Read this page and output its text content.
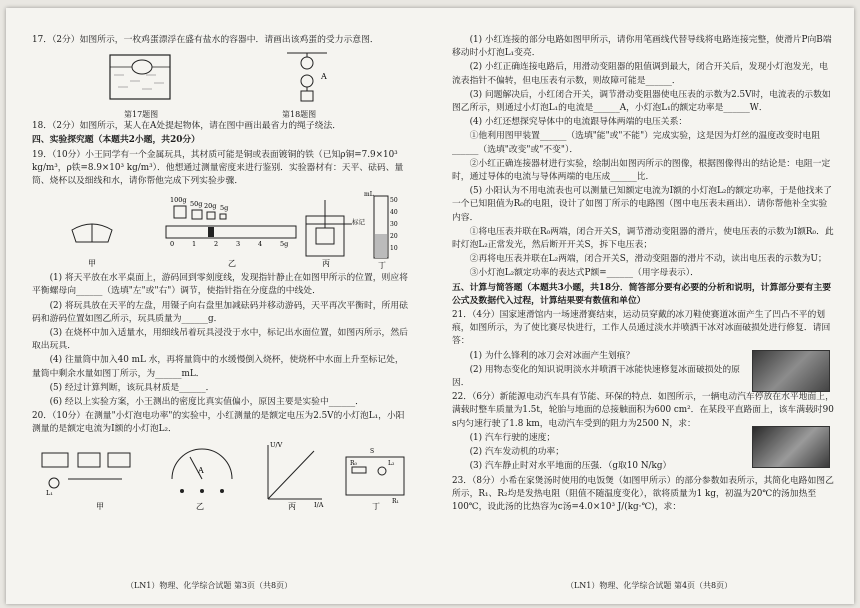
17．（2分）如图所示，一枚鸡蛋漂浮在盛有盐水的容器中．请画出该鸡蛋的受力示意图．

A
第17题图	第18题图

18．（2分）如图所示，某人在A处提起物体，请在图中画出最省力的绳子绕法．

四、实验探究题（本题共2小题，共20分）

19．（10分）小王同学有一个金属玩具，其材质可能是铜或表面镀铜的铁（已知ρ铜=7.9×10³ kg/m³，ρ铁=8.9×10³ kg/m³）．他想通过测量密度来进行鉴别．实验器材有：天平、砝码、量筒、烧杯以及细线和水，请你帮他完成下列实验步骤．

甲
100g 50g 20g 5g
0	1	2	3	4	5g
乙
标记
丙
mL
50
40
30
20
10
丁

(1) 将天平放在水平桌面上，游码回到零刻度线，发现指针静止在如图甲所示的位置，则应将平衡螺母向______（选填"左"或"右"）调节，使指针指在分度盘的中线处．

(2) 将玩具放在天平的左盘，用镊子向右盘里加减砝码并移动游码，天平再次平衡时，所用砝码和游码位置如图乙所示，玩具质量为______g．

(3) 在烧杯中加入适量水，用细线吊着玩具浸没于水中，标记出水面位置，如图丙所示，然后取出玩具．

(4) 往量筒中加入40 mL 水，再将量筒中的水缓慢倒入烧杯，使烧杯中水面上升至标记处，量筒中剩余水量如图丁所示，为______mL．

(5) 经过计算判断，该玩具材质是______．

(6) 经以上实验方案，小王测出的密度比真实值偏小，原因主要是实验中______．

20．（10分）在测量"小灯泡电功率"的实验中，小红测量的是额定电压为2.5V的小灯泡L₁，小阳测量的是额定电流为I额的小灯泡L₂．

L₁
甲
A
乙
U/V
I/A
丙
R₀	L₂
S
R₁
丁
（LN1）物理、化学综合试题 第3页（共8页）

(1) 小红连接的部分电路如图甲所示，请你用笔画线代替导线将电路连接完整，使滑片P向B端移动时小灯泡L₁变亮．

(2) 小红正确连接电路后，用滑动变阻器的阻值调到最大，闭合开关后，发现小灯泡发光，电流表指针不偏转，但电压表有示数，则故障可能是______．

(3) 问题解决后，小红闭合开关，调节滑动变阻器使电压表的示数为2.5V时，电流表的示数如图乙所示，则通过小灯泡L₁的电流是______A，小灯泡L₁的额定功率是______W．

(4) 小红还想探究导体中的电流跟导体两端的电压关系：

①他利用图甲装置______（选填"能"或"不能"）完成实验，这是因为灯丝的温度改变时电阻______（选填"改变"或"不变"）．

②小红正确连接器材进行实验，绘制出如图丙所示的图像，根据图像得出的结论是：电阻一定时，通过导体的电流与导体两端的电压成______比．

(5) 小阳认为不用电流表也可以测量已知额定电流为I额的小灯泡L₂的额定功率，于是他找来了一个已知阻值为R₀的电阻，设计了如图丁所示的电路图（图中电压表未画出）．请你帮他补全实验内容．

①将电压表并联在R₀两端，闭合开关S，调节滑动变阻器的滑片，使电压表的示数为I额R₀．此时灯泡L₂正常发光，然后断开开关S，拆下电压表；

②再将电压表并联在L₂两端，闭合开关S，滑动变阻器的滑片不动，读出电压表的示数为U；

③小灯泡L₂额定功率的表达式P额=______（用字母表示）．

五、计算与简答题（本题共3小题，共18分．简答部分要有必要的分析和说明，计算部分要有主要公式及数据代入过程，计算结果要有数值和单位）

21．（4分）国家速滑馆内一场速滑赛结束，运动员穿戴的冰刀鞋使赛道冰面产生了凹凸不平的划痕，如图所示，为了使比赛尽快进行，工作人员通过淡水并喷洒干冰对冰面破损处进行修复．请回答：

(1) 为什么锋利的冰刀会对冰面产生划痕？

(2) 用物态变化的知识说明淡水并喷洒干冰能快速修复冰面破损处的原因．

22．（6分）新能源电动汽车具有节能、环保的特点．如图所示，一辆电动汽车停放在水平地面上，满载时整车质量为1.5t，轮胎与地面的总接触面积为600 cm²．在某段平直路面上，该车满载时90 s内匀速行驶了1.8 km，电动汽车受到的阻力为2500 N，求：

(1) 汽车行驶的速度；

(2) 汽车发动机的功率；

(3) 汽车静止时对水平地面的压强．（g取10 N/kg）

23．（8分）小希在家煲汤时使用的电饭煲（如图甲所示）的部分参数如表所示，其简化电路如图乙所示，R₁、R₂均是发热电阻（阻值不随温度变化），欲将质量为1 kg，初温为20℃的汤加热至100℃，设此汤的比热容为c汤=4.0×10³ J/(kg·℃)，求：

（LN1）物理、化学综合试题 第4页（共8页）
